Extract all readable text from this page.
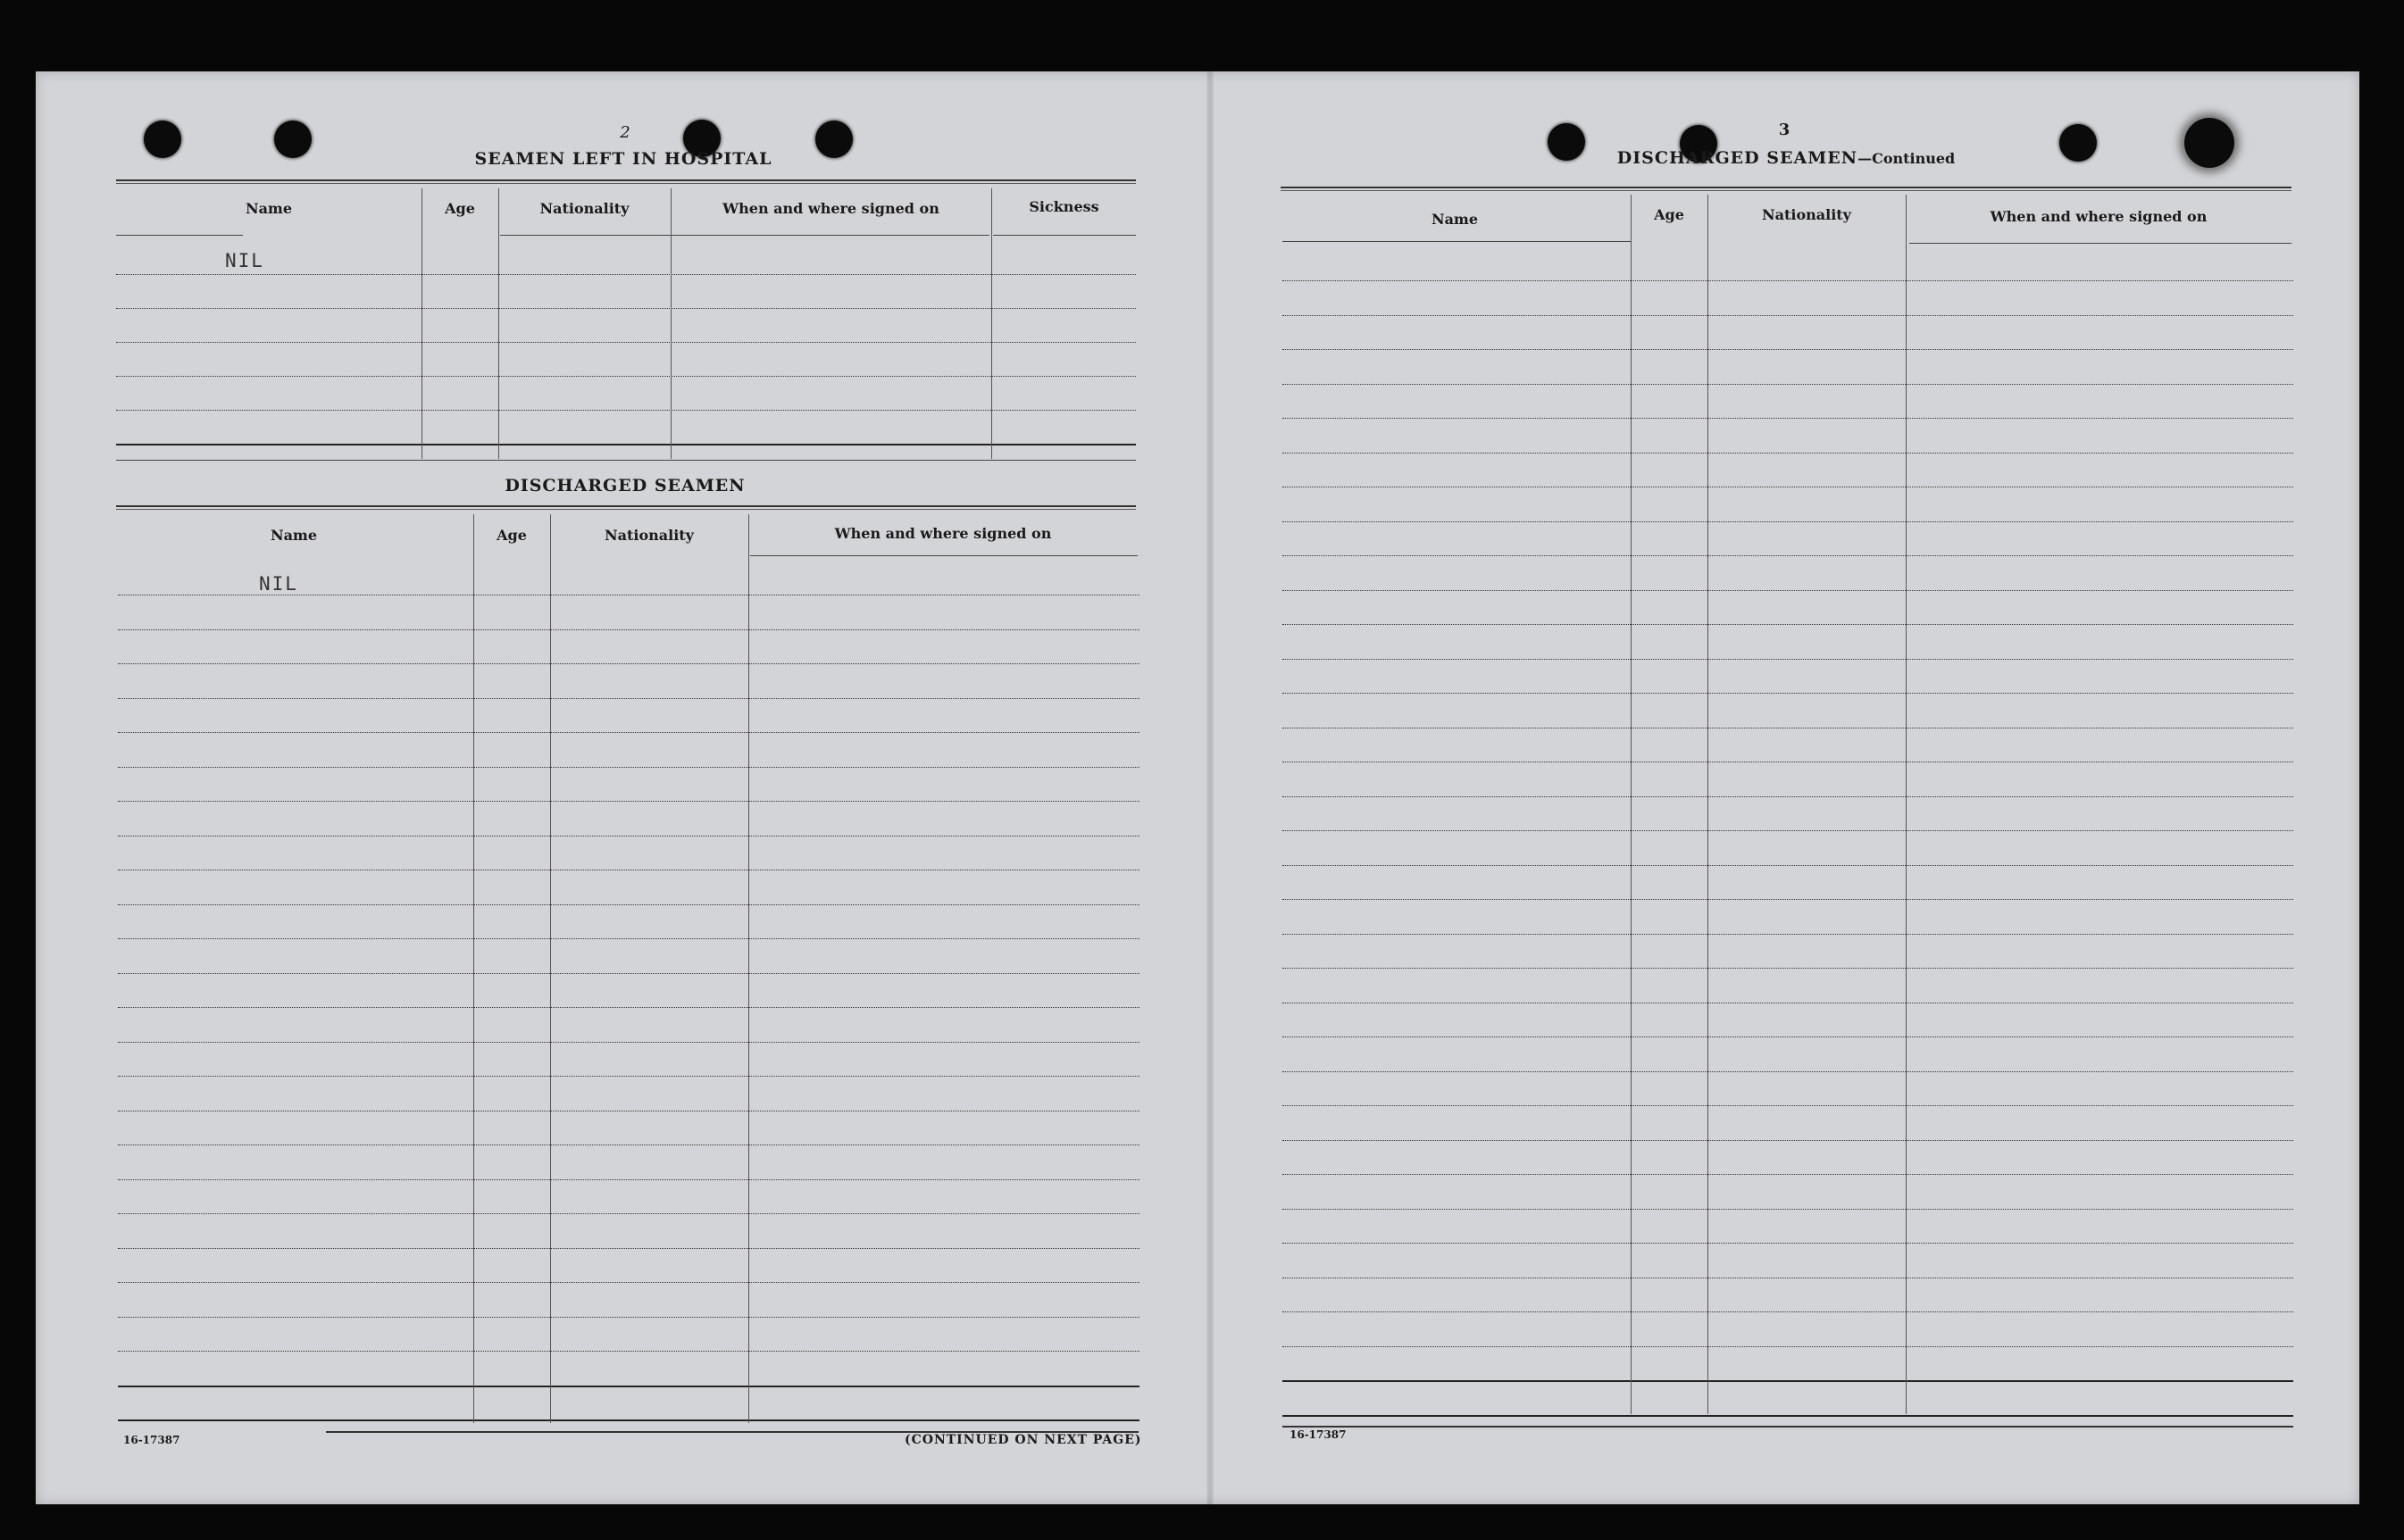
2
SEAMEN LEFT IN HOSPITAL
Name	Age	Nationality	When and where signed on	Sickness
NIL
DISCHARGED SEAMEN
Name	Age	Nationality	When and where signed on
NIL
16-17387	(CONTINUED ON NEXT PAGE)
3
DISCHARGED SEAMEN—Continued
Name	Age	Nationality	When and where signed on
16-17387
